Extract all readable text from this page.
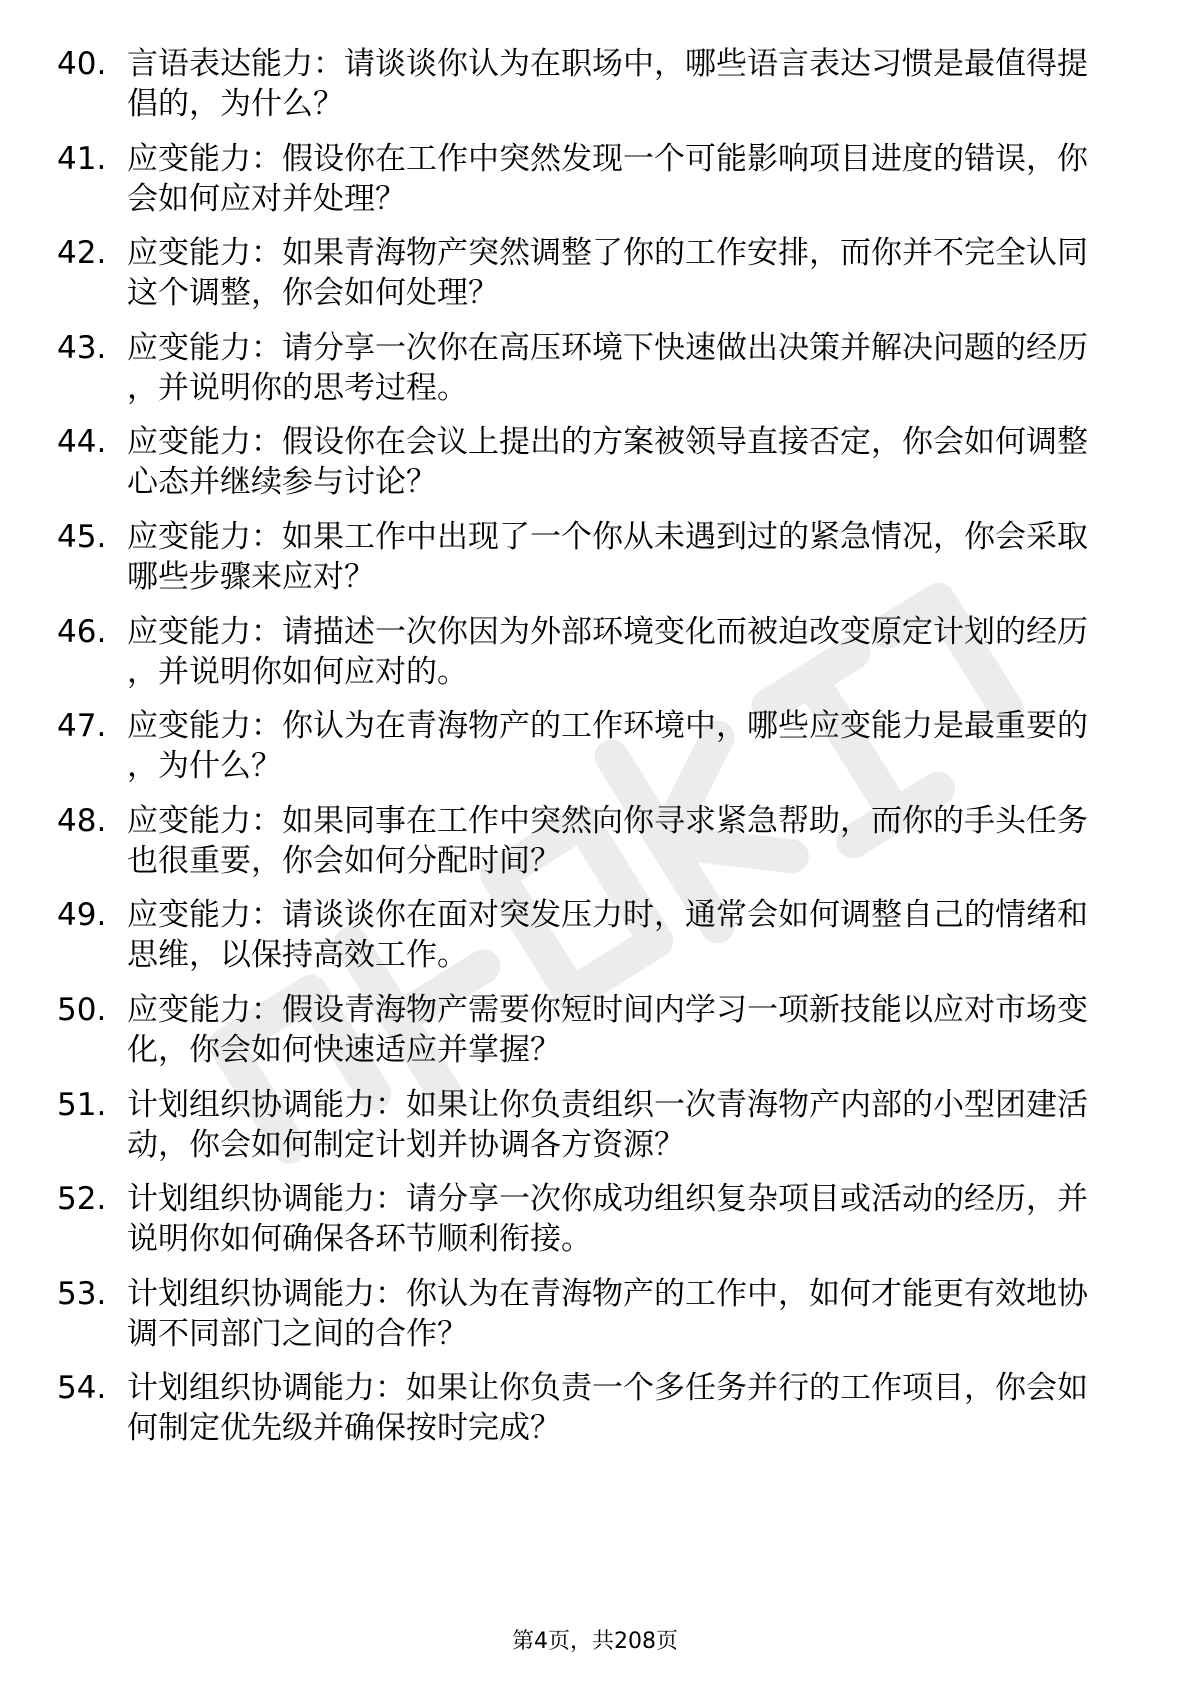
40. 言语表达能力：请谈谈你认为在职场中，哪些语言表达习惯是最值得提倡的，为什么？
41. 应变能力：假设你在工作中突然发现一个可能影响项目进度的错误，你会如何应对并处理？
42. 应变能力：如果青海物产突然调整了你的工作安排，而你并不完全认同这个调整，你会如何处理？
43. 应变能力：请分享一次你在高压环境下快速做出决策并解决问题的经历，并说明你的思考过程。
44. 应变能力：假设你在会议上提出的方案被领导直接否定，你会如何调整心态并继续参与讨论？
45. 应变能力：如果工作中出现了一个你从未遇到过的紧急情况，你会采取哪些步骤来应对？
46. 应变能力：请描述一次你因为外部环境变化而被迫改变原定计划的经历，并说明你如何应对的。
47. 应变能力：你认为在青海物产的工作环境中，哪些应变能力是最重要的，为什么？
48. 应变能力：如果同事在工作中突然向你寻求紧急帮助，而你的手头任务也很重要，你会如何分配时间？
49. 应变能力：请谈谈你在面对突发压力时，通常会如何调整自己的情绪和思维，以保持高效工作。
50. 应变能力：假设青海物产需要你短时间内学习一项新技能以应对市场变化，你会如何快速适应并掌握？
51. 计划组织协调能力：如果让你负责组织一次青海物产内部的小型团建活动，你会如何制定计划并协调各方资源？
52. 计划组织协调能力：请分享一次你成功组织复杂项目或活动的经历，并说明你如何确保各环节顺利衔接。
53. 计划组织协调能力：你认为在青海物产的工作中，如何才能更有效地协调不同部门之间的合作？
54. 计划组织协调能力：如果让你负责一个多任务并行的工作项目，你会如何制定优先级并确保按时完成？
第4页，共208页
